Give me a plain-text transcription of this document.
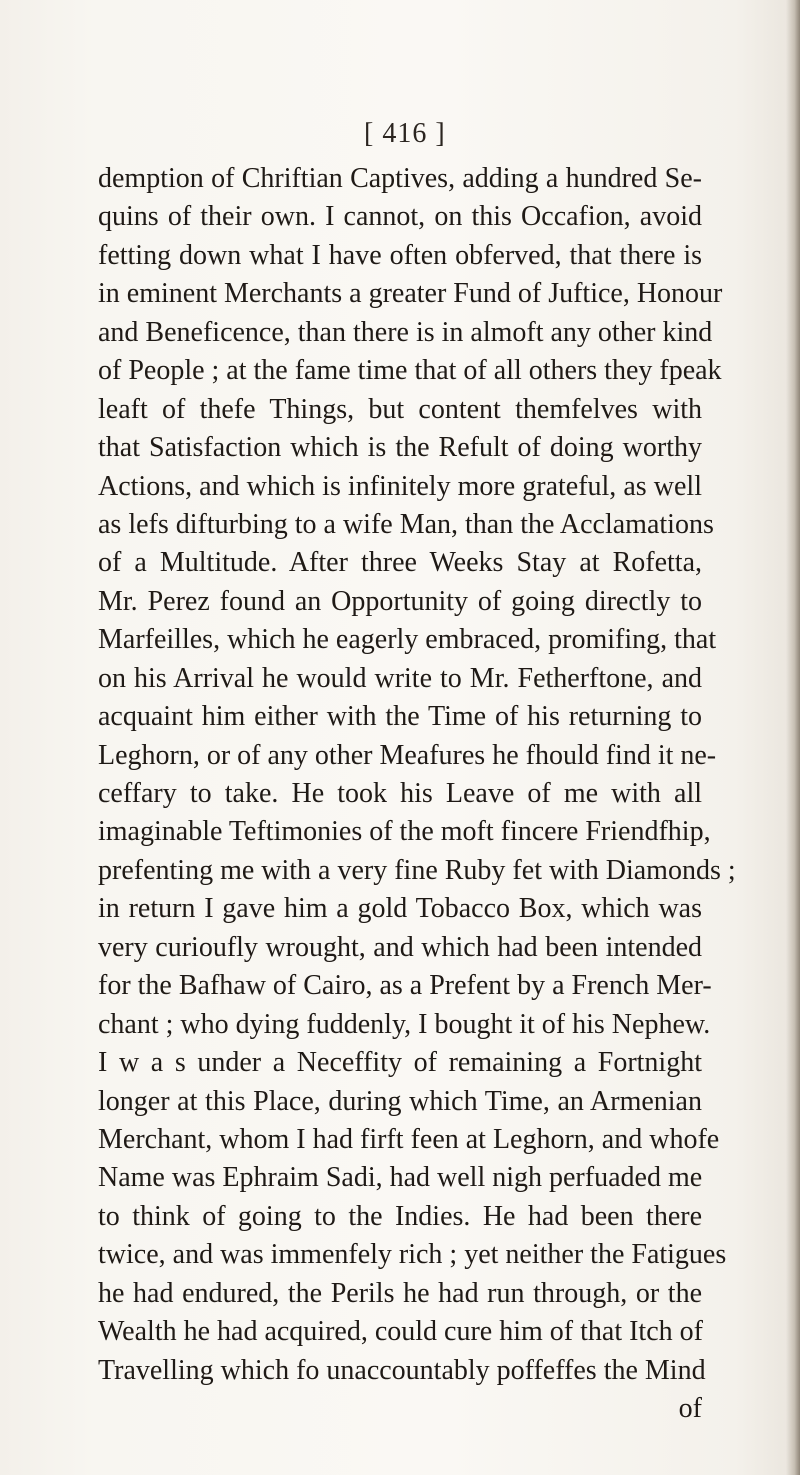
[ 416 ]
demption of Chriftian Captives, adding a hundred Se-
quins of their own. I cannot, on this Occafion, avoid
fetting down what I have often obferved, that there is
in eminent Merchants a greater Fund of Juftice, Honour
and Beneficence, than there is in almoft any other kind
of People ; at the fame time that of all others they fpeak
leaft of thefe Things, but content themfelves with
that Satisfaction which is the Refult of doing worthy
Actions, and which is infinitely more grateful, as well
as lefs difturbing to a wife Man, than the Acclamations
of a Multitude. After three Weeks Stay at Rofetta,
Mr. Perez found an Opportunity of going directly to
Marfeilles, which he eagerly embraced, promifing, that
on his Arrival he would write to Mr. Fetherftone, and
acquaint him either with the Time of his returning to
Leghorn, or of any other Meafures he fhould find it ne-
ceffary to take. He took his Leave of me with all
imaginable Teftimonies of the moft fincere Friendfhip,
prefenting me with a very fine Ruby fet with Diamonds ;
in return I gave him a gold Tobacco Box, which was
very curioufly wrought, and which had been intended
for the Bafhaw of Cairo, as a Prefent by a French Mer-
chant ; who dying fuddenly, I bought it of his Nephew.
I w a s under a Neceffity of remaining a Fortnight
longer at this Place, during which Time, an Armenian
Merchant, whom I had firft feen at Leghorn, and whofe
Name was Ephraim Sadi, had well nigh perfuaded me
to think of going to the Indies. He had been there
twice, and was immenfely rich ; yet neither the Fatigues
he had endured, the Perils he had run through, or the
Wealth he had acquired, could cure him of that Itch of
Travelling which fo unaccountably poffeffes the Mind
of
